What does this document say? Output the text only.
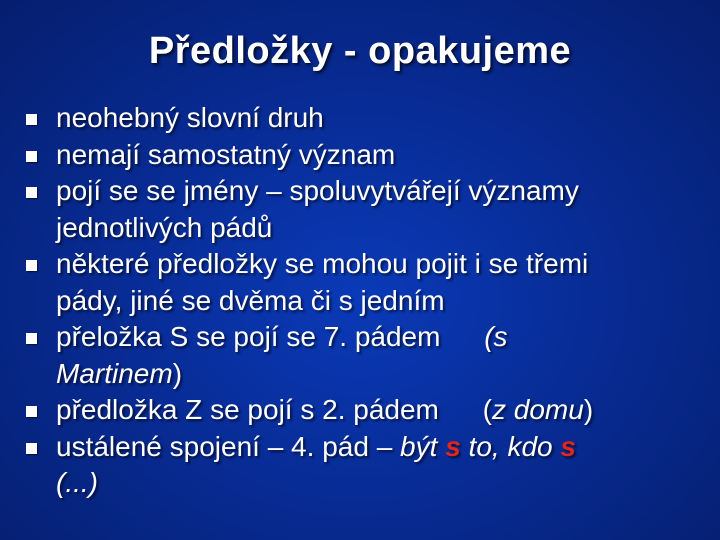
Předložky - opakujeme
neohebný slovní druh
nemají samostatný význam
pojí se se jmény – spoluvytvářejí významy
jednotlivých pádů
některé předložky se mohou pojit i se třemi
pády, jiné se dvěma či s jedním
přeložka S se pojí se 7. pádem (s
Martinem)
předložka Z se pojí s 2. pádem (z domu)
ustálené spojení – 4. pád – být s to, kdo s
(...)
